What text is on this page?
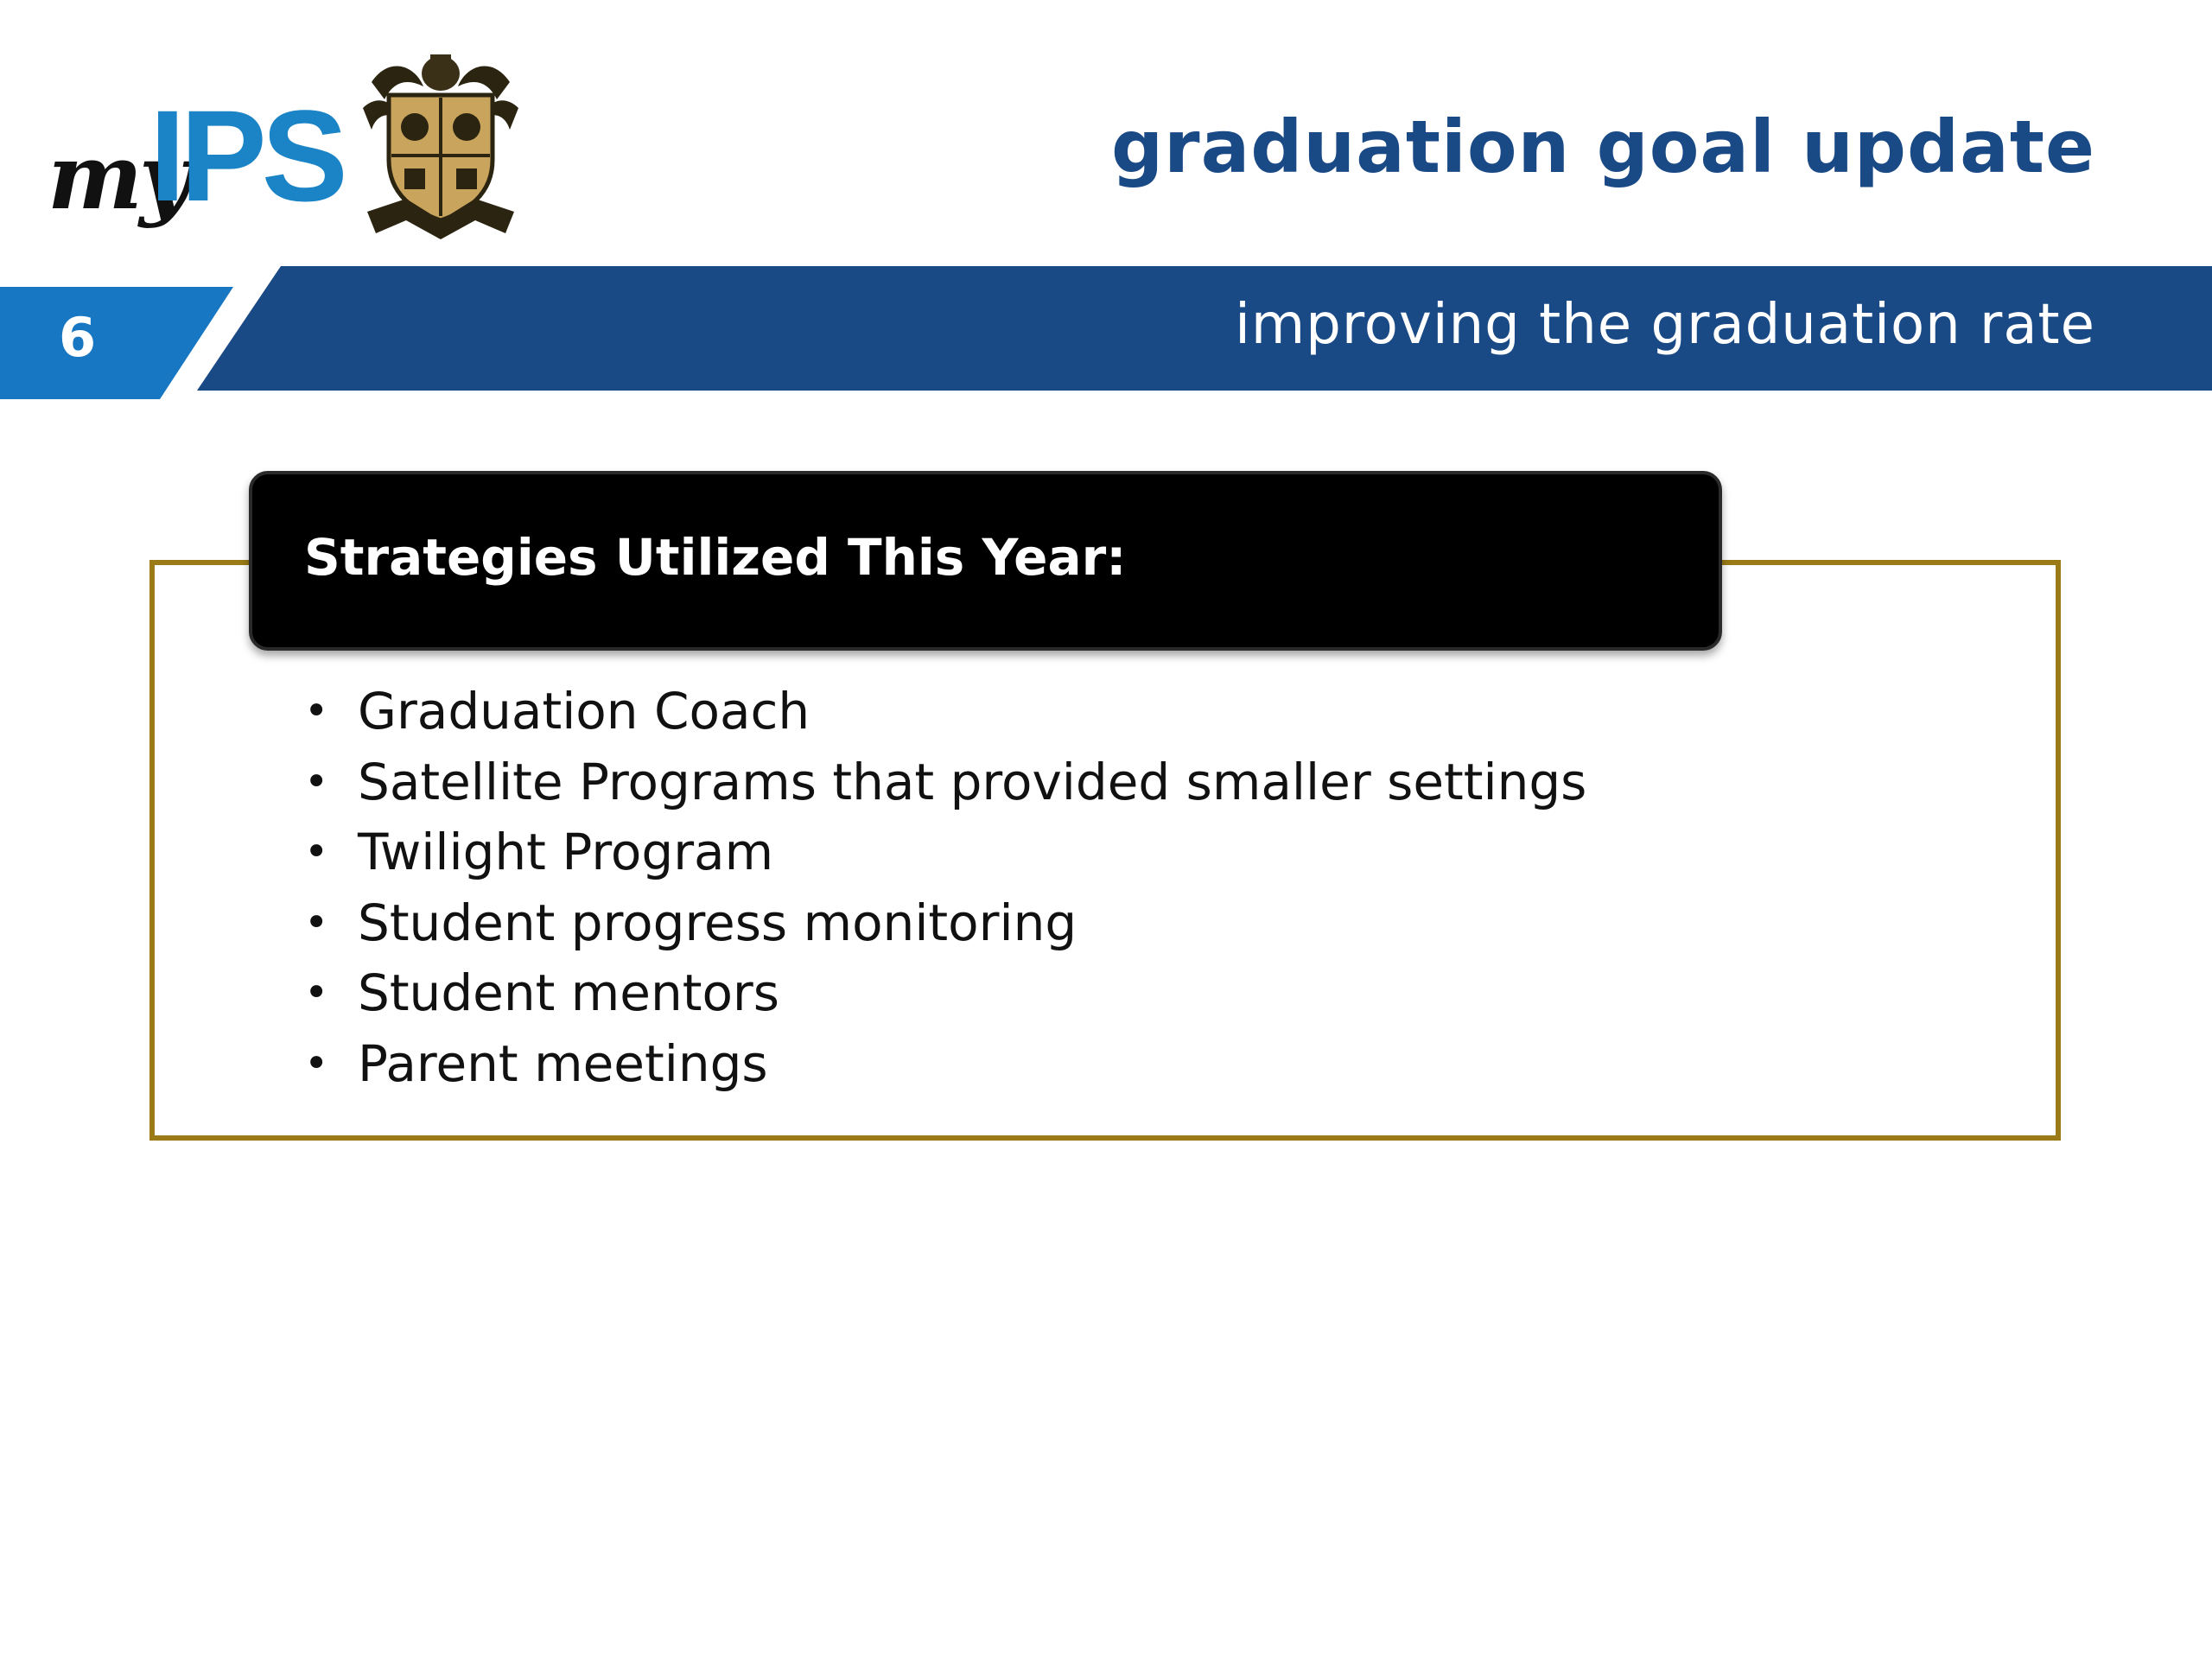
my
IPS	graduation goal update
6	improving the graduation rate
Strategies Utilized This Year:
• Graduation Coach
• Satellite Programs that provided smaller settings
• Twilight Program
• Student progress monitoring
• Student mentors
• Parent meetings
